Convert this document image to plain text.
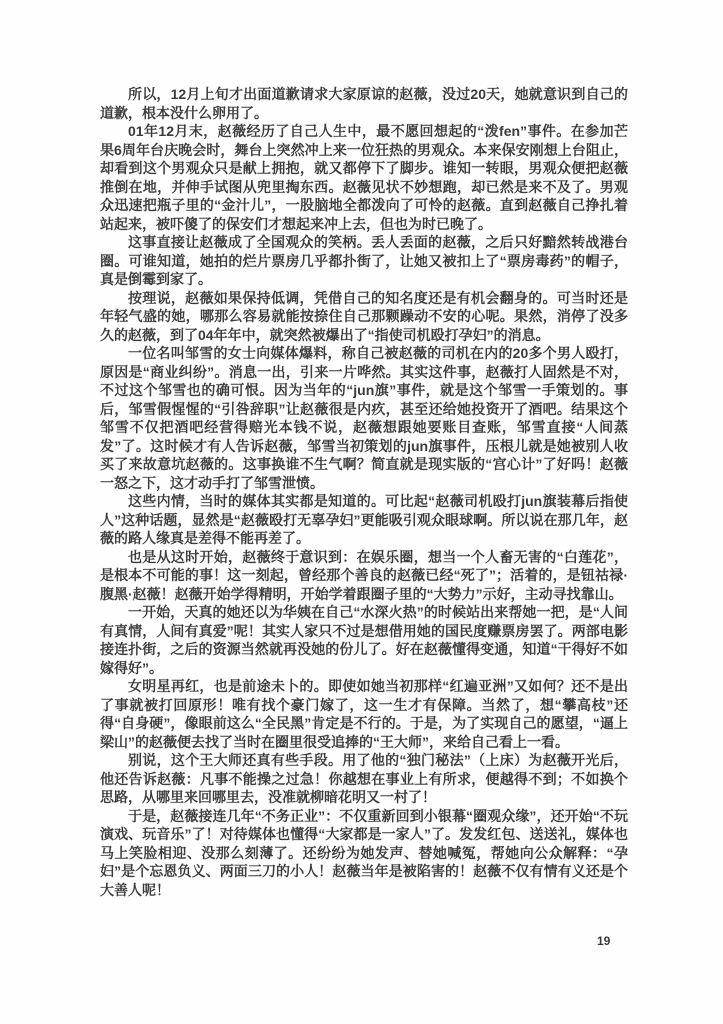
所以，12月上旬才出面道歉请求大家原谅的赵薇，没过20天，她就意识到自己的道歉，根本没什么卵用了。

01年12月末，赵薇经历了自己人生中，最不愿回想起的“泼fen”事件。在参加芒果6周年台庆晚会时，舞台上突然冲上来一位狂热的男观众。本来保安刚想上台阻止，却看到这个男观众只是献上拥抱，就又都停下了脚步。谁知一转眼，男观众便把赵薇推倒在地，并伸手试图从兜里掏东西。赵薇见状不妙想跑，却已然是来不及了。男观众迅速把瓶子里的“金汁儿”，一股脑地全都泼向了可怜的赵薇。直到赵薇自己挣扎着站起来，被吓傻了的保安们才想起来冲上去，但也为时已晚了。

这事直接让赵薇成了全国观众的笑柄。丢人丢面的赵薇，之后只好黯然转战港台圈。可谁知道，她拍的烂片票房几乎都扑街了，让她又被扣上了“票房毒药”的帽子，真是倒霉到家了。

按理说，赵薇如果保持低调，凭借自己的知名度还是有机会翻身的。可当时还是年轻气盛的她，哪那么容易就能按捺住自己那颗躁动不安的心呢。果然，消停了没多久的赵薇，到了04年年中，就突然被爆出了“指使司机殴打孕妇”的消息。

一位名叫邹雪的女士向媒体爆料，称自己被赵薇的司机在内的20多个男人殴打，原因是“商业纠纷”。消息一出，引来一片哗然。其实这件事，赵薇打人固然是不对，不过这个邹雪也的确可恨。因为当年的“jun旗”事件，就是这个邹雪一手策划的。事后，邹雪假惺惺的“引咎辞职”让赵薇很是内疚，甚至还给她投资开了酒吧。结果这个邹雪不仅把酒吧经营得赔光本钱不说，赵薇想跟她要账目查账，邹雪直接“人间蒸发”了。这时候才有人告诉赵薇，邹雪当初策划的jun旗事件，压根儿就是她被别人收买了来故意坑赵薇的。这事换谁不生气啊？简直就是现实版的“宫心计”了好吗！赵薇一怒之下，这才动手打了邹雪泄愤。

这些内情，当时的媒体其实都是知道的。可比起“赵薇司机殴打jun旗装幕后指使人”这种话题，显然是“赵薇殴打无辜孕妇”更能吸引观众眼球啊。所以说在那几年，赵薇的路人缘真是差得不能再差了。

也是从这时开始，赵薇终于意识到：在娱乐圈，想当一个人畜无害的“白莲花”，是根本不可能的事！这一刻起，曾经那个善良的赵薇已经“死了”；活着的，是钮祜禄·腹黑·赵薇！赵薇开始学得精明，开始学着跟圈子里的“大势力”示好，主动寻找靠山。

一开始，天真的她还以为华姨在自己“水深火热”的时候站出来帮她一把，是“人间有真情，人间有真爱”呢！其实人家只不过是想借用她的国民度赚票房罢了。两部电影接连扑街，之后的资源当然就再没她的份儿了。好在赵薇懂得变通，知道“干得好不如嫁得好”。

女明星再红，也是前途未卜的。即使如她当初那样“红遍亚洲”又如何？还不是出了事就被打回原形！唯有找个豪门嫁了，这一生才有保障。当然了，想“攀高枝”还得“自身硬”，像眼前这么“全民黑”肯定是不行的。于是，为了实现自己的愿望，“逼上梁山”的赵薇便去找了当时在圈里很受追捧的“王大师”，来给自己看上一看。

别说，这个王大师还真有些手段。用了他的“独门秘法”（上床）为赵薇开光后，他还告诉赵薇：凡事不能操之过急！你越想在事业上有所求，便越得不到；不如换个思路，从哪里来回哪里去，没准就柳暗花明又一村了！

于是，赵薇接连几年“不务正业”：不仅重新回到小银幕“圈观众缘”，还开始“不玩演戏、玩音乐”了！对待媒体也懂得“大家都是一家人”了。发发红包、送送礼，媒体也马上笑脸相迎、没那么刻薄了。还纷纷为她发声、替她喊冤，帮她向公众解释：“孕妇”是个忘恩负义、两面三刀的小人！赵薇当年是被陷害的！赵薇不仅有情有义还是个大善人呢！

19
